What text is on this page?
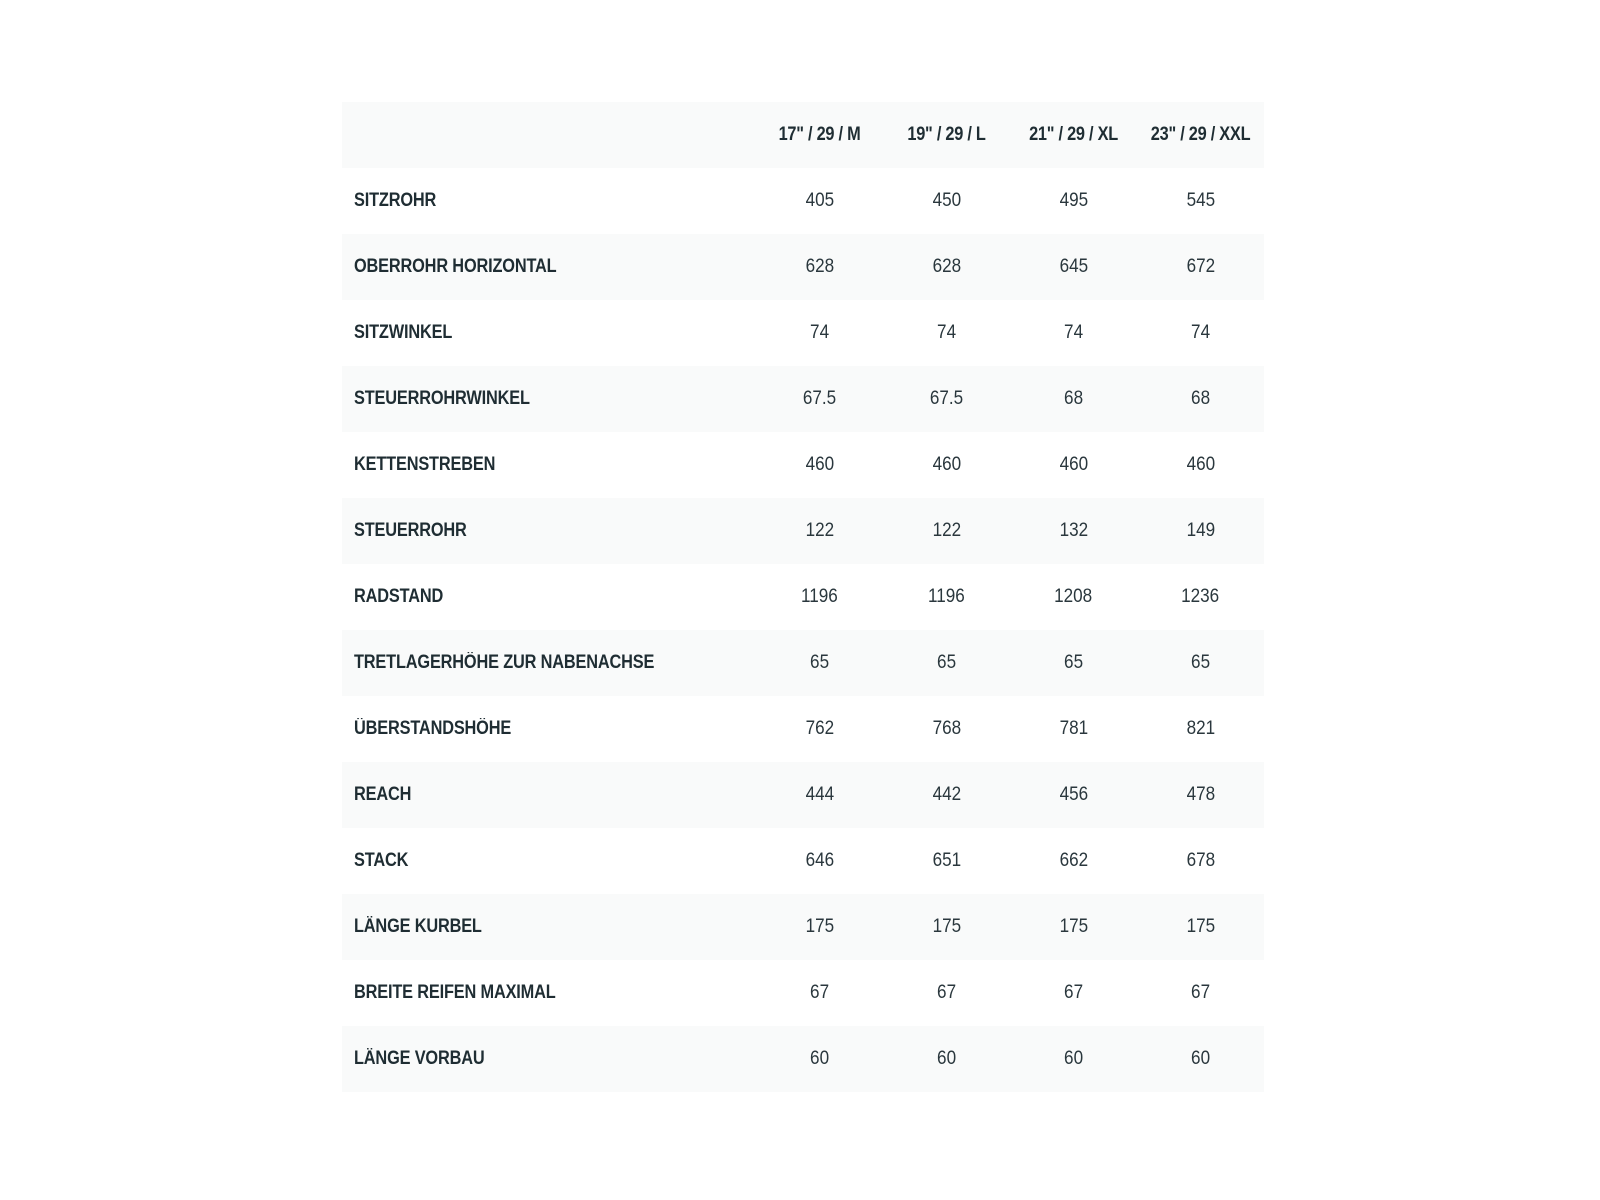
	17" / 29 / M	19" / 29 / L	21" / 29 / XL	23" / 29 / XXL
SITZROHR	405	450	495	545
OBERROHR HORIZONTAL	628	628	645	672
SITZWINKEL	74	74	74	74
STEUERROHRWINKEL	67.5	67.5	68	68
KETTENSTREBEN	460	460	460	460
STEUERROHR	122	122	132	149
RADSTAND	1196	1196	1208	1236
TRETLAGERHÖHE ZUR NABENACHSE	65	65	65	65
ÜBERSTANDSHÖHE	762	768	781	821
REACH	444	442	456	478
STACK	646	651	662	678
LÄNGE KURBEL	175	175	175	175
BREITE REIFEN MAXIMAL	67	67	67	67
LÄNGE VORBAU	60	60	60	60
